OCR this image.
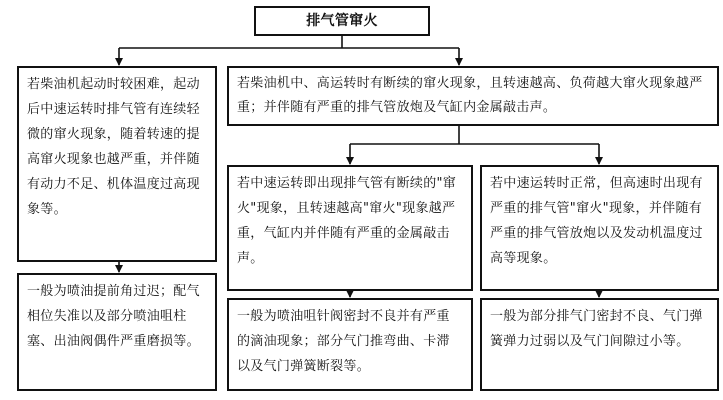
排气管窜火
若柴油机起动时较困难，起动后中速运转时排气管有连续轻微的窜火现象，随着转速的提高窜火现象也越严重，并伴随有动力不足、机体温度过高现象等。
一般为喷油提前角过迟；配气相位失准以及部分喷油咀柱塞、出油阀偶件严重磨损等。
若柴油机中、高运转时有断续的窜火现象，且转速越高、负荷越大窜火现象越严重；并伴随有严重的排气管放炮及气缸内金属敲击声。
若中速运转即出现排气管有断续的"窜火"现象，且转速越高"窜火"现象越严重，气缸内并伴随有严重的金属敲击声。
一般为喷油咀针阀密封不良并有严重的滴油现象；部分气门推弯曲、卡滞以及气门弹簧断裂等。
若中速运转时正常，但高速时出现有严重的排气管"窜火"现象，并伴随有严重的排气管放炮以及发动机温度过高等现象。
一般为部分排气门密封不良、气门弹簧弹力过弱以及气门间隙过小等。
